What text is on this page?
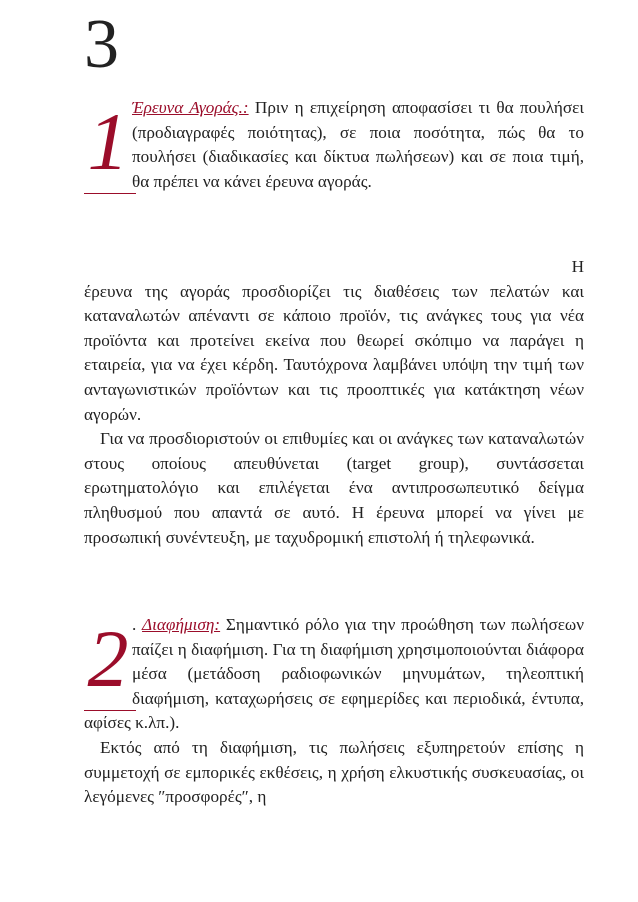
3

1 Έρευνα Αγοράς.: Πριν η επιχείρηση αποφασίσει τι θα πουλήσει (προδιαγραφές ποιότητας), σε ποια ποσότητα, πώς θα το πουλήσει (διαδικασίες και δίκτυα πωλήσεων) και σε ποια τιμή, θα πρέπει να κάνει έρευνα αγοράς.

Η

έρευνα της αγοράς προσδιορίζει τις διαθέσεις των πελατών και καταναλωτών απέναντι σε κάποιο προϊόν, τις ανάγκες τους για νέα προϊόντα και προτείνει εκείνα που θεωρεί σκόπιμο να παράγει η εταιρεία, για να έχει κέρδη. Ταυτόχρονα λαμβάνει υπόψη την τιμή των ανταγωνιστικών προϊόντων και τις προοπτικές για κατάκτηση νέων αγορών.

Για να προσδιοριστούν οι επιθυμίες και οι ανάγκες των καταναλωτών στους οποίους απευθύνεται (target group), συντάσσεται ερωτηματολόγιο και επιλέγεται ένα αντιπροσωπευτικό δείγμα πληθυσμού που απαντά σε αυτό. Η έρευνα μπορεί να γίνει με προσωπική συνέντευξη, με ταχυδρομική επιστολή ή τηλεφωνικά.

2 . Διαφήμιση: Σημαντικό ρόλο για την προώθηση των πωλήσεων παίζει η διαφήμιση. Για τη διαφήμιση χρησιμοποιούνται διάφορα μέσα (μετάδοση ραδιοφωνικών μηνυμάτων, τηλεοπτική διαφήμιση, καταχωρήσεις σε εφημερίδες και περιοδικά, έντυπα, αφίσες κ.λπ.).

Εκτός από τη διαφήμιση, τις πωλήσεις εξυπηρετούν επίσης η συμμετοχή σε εμπορικές εκθέσεις, η χρήση ελκυστικής συσκευασίας, οι λεγόμενες ″προσφορές″, η
